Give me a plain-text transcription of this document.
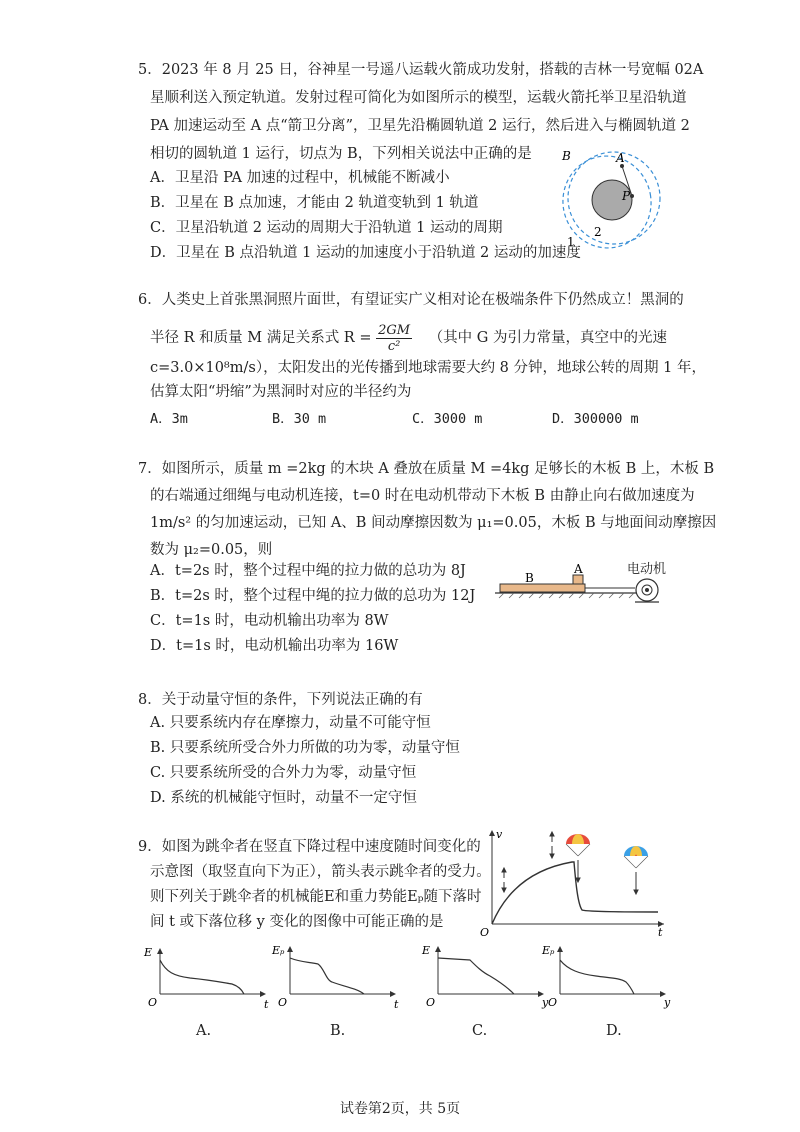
5．2023 年 8 月 25 日，谷神星一号遥八运载火箭成功发射，搭载的吉林一号宽幅 02A
星顺利送入预定轨道。发射过程可简化为如图所示的模型，运载火箭托举卫星沿轨道
PA 加速运动至 A 点“箭卫分离”，卫星先沿椭圆轨道 2 运行，然后进入与椭圆轨道 2
相切的圆轨道 1 运行，切点为 B，下列相关说法中正确的是
A．卫星沿 PA 加速的过程中，机械能不断减小
B．卫星在 B 点加速，才能由 2 轨道变轨到 1 轨道
C．卫星沿轨道 2 运动的周期大于沿轨道 1 运动的周期
D．卫星在 B 点沿轨道 1 运动的加速度小于沿轨道 2 运动的加速度
B	A
P
2
1
6．人类史上首张黑洞照片面世，有望证实广义相对论在极端条件下仍然成立！黑洞的
半径 R 和质量 M 满足关系式 $R = \frac{2GM}{\text{c²}}$ （其中 G 为引力常量，真空中的光速
c=3.0×10⁸m/s），太阳发出的光传播到地球需要大约 8 分钟，地球公转的周期 1 年，
估算太阳“坍缩”为黑洞时对应的半径约为
A．3m	B．30 m	C．3000 m	D．300000 m
7．如图所示，质量 m =2kg 的木块 A 叠放在质量 M =4kg 足够长的木板 B 上，木板 B
的右端通过细绳与电动机连接，t=0 时在电动机带动下木板 B 由静止向右做加速度为
1m/s² 的匀加速运动，已知 A、B 间动摩擦因数为 μ₁=0.05，木板 B 与地面间动摩擦因
数为 μ₂=0.05，则
A．t=2s 时，整个过程中绳的拉力做的总功为 8J
B．t=2s 时，整个过程中绳的拉力做的总功为 12J
C．t=1s 时，电动机输出功率为 8W
D．t=1s 时，电动机输出功率为 16W
B
A	电动机
8．关于动量守恒的条件，下列说法正确的有
A. 只要系统内存在摩擦力，动量不可能守恒
B. 只要系统所受合外力所做的功为零，动量守恒
C. 只要系统所受的合外力为零，动量守恒
D. 系统的机械能守恒时，动量不一定守恒
9．如图为跳伞者在竖直下降过程中速度随时间变化的
示意图（取竖直向下为正），箭头表示跳伞者的受力。
则下列关于跳伞者的机械能E和重力势能Eₚ随下落时
间 t 或下落位移 y 变化的图像中可能正确的是
v
t
O
E
t
O
Eₚ
t
O
E
y
O
Eₚ
y
O
A.	B.	C.	D.
试卷第2页，共 5页
